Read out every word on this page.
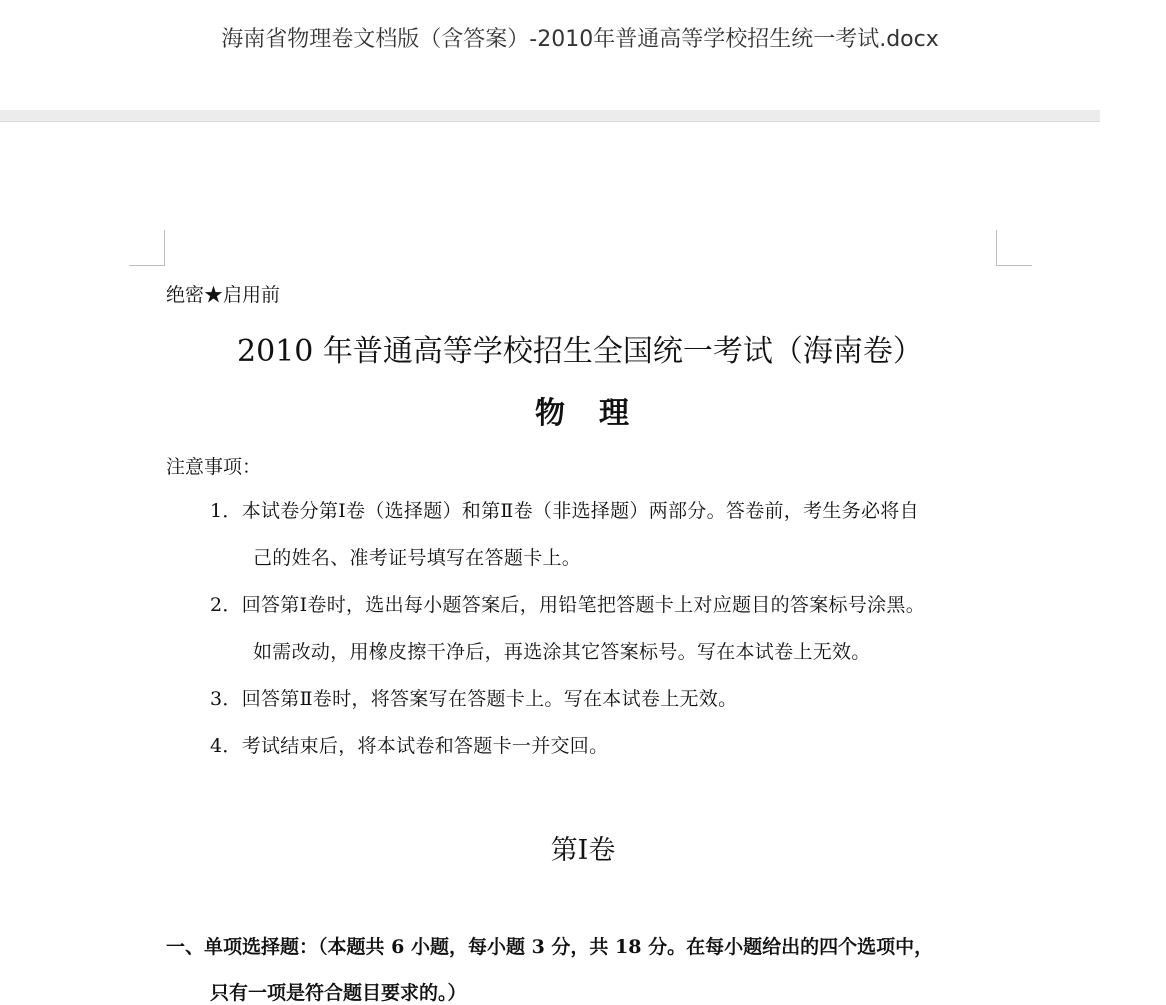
海南省物理卷文档版（含答案）-2010年普通高等学校招生统一考试.docx
绝密★启用前
2010 年普通高等学校招生全国统一考试（海南卷）
物　理
注意事项：
1．本试卷分第Ⅰ卷（选择题）和第Ⅱ卷（非选择题）两部分。答卷前，考生务必将自
己的姓名、准考证号填写在答题卡上。
2．回答第Ⅰ卷时，选出每小题答案后，用铅笔把答题卡上对应题目的答案标号涂黑。
如需改动，用橡皮擦干净后，再选涂其它答案标号。写在本试卷上无效。
3．回答第Ⅱ卷时，将答案写在答题卡上。写在本试卷上无效。
4．考试结束后，将本试卷和答题卡一并交回。
第Ⅰ卷
一、单项选择题：（本题共 6 小题，每小题 3 分，共 18 分。在每小题给出的四个选项中，
只有一项是符合题目要求的。）
